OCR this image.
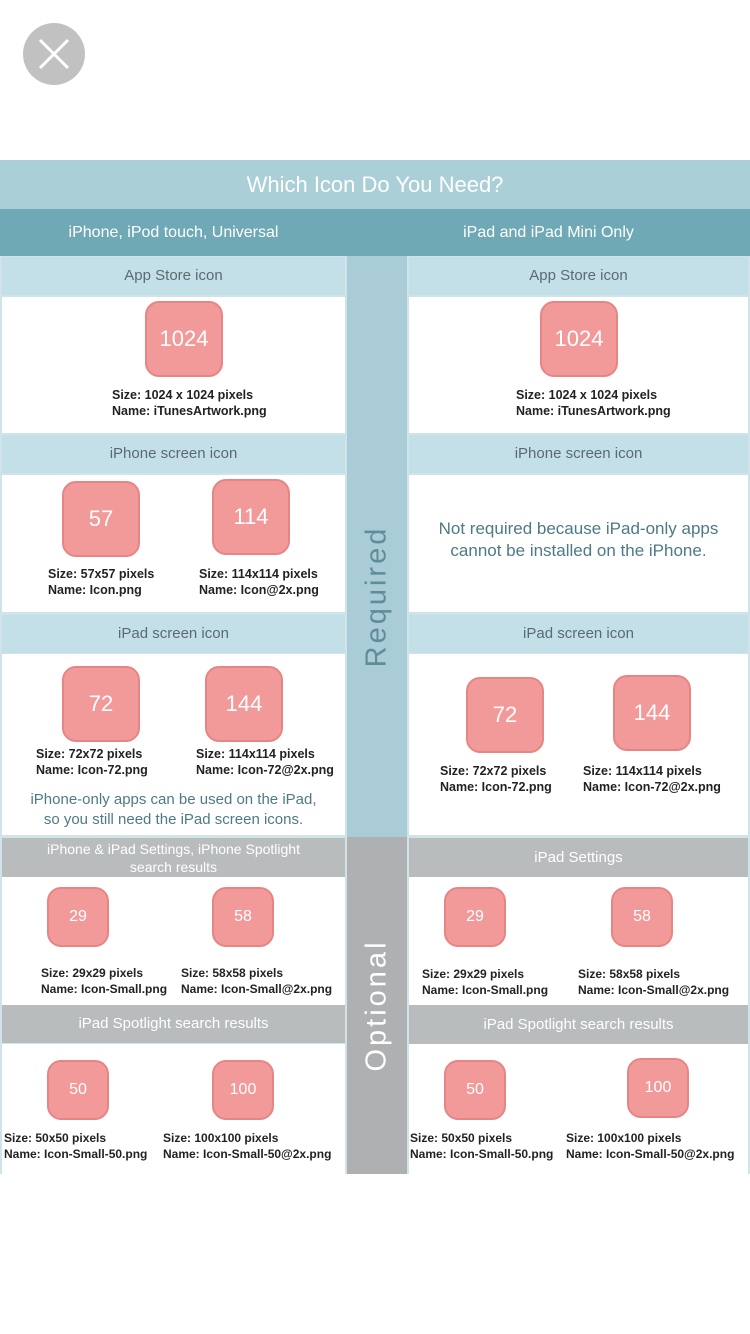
Which Icon Do You Need?
iPhone, iPod touch, Universal	iPad and iPad Mini Only
Required
Optional
App Store icon
1024
Size: 1024 x 1024 pixels
Name: iTunesArtwork.png
iPhone screen icon
57
Size: 57x57 pixels
Name: Icon.png
114
Size: 114x114 pixels
Name: Icon@2x.png
iPad screen icon
72
Size: 72x72 pixels
Name: Icon-72.png
144
Size: 114x114 pixels
Name: Icon-72@2x.png
iPhone-only apps can be used on the iPad,
so you still need the iPad screen icons.
iPhone & iPad Settings, iPhone Spotlight
search results
29
Size: 29x29 pixels
Name: Icon-Small.png
58
Size: 58x58 pixels
Name: Icon-Small@2x.png
iPad Spotlight search results
50
Size: 50x50 pixels
Name: Icon-Small-50.png
100
Size: 100x100 pixels
Name: Icon-Small-50@2x.png
App Store icon
1024
Size: 1024 x 1024 pixels
Name: iTunesArtwork.png
iPhone screen icon
Not required because iPad-only apps
cannot be installed on the iPhone.
iPad screen icon
72
Size: 72x72 pixels
Name: Icon-72.png
144
Size: 114x114 pixels
Name: Icon-72@2x.png
iPad Settings
29
Size: 29x29 pixels
Name: Icon-Small.png
58
Size: 58x58 pixels
Name: Icon-Small@2x.png
iPad Spotlight search results
50
Size: 50x50 pixels
Name: Icon-Small-50.png
100
Size: 100x100 pixels
Name: Icon-Small-50@2x.png
